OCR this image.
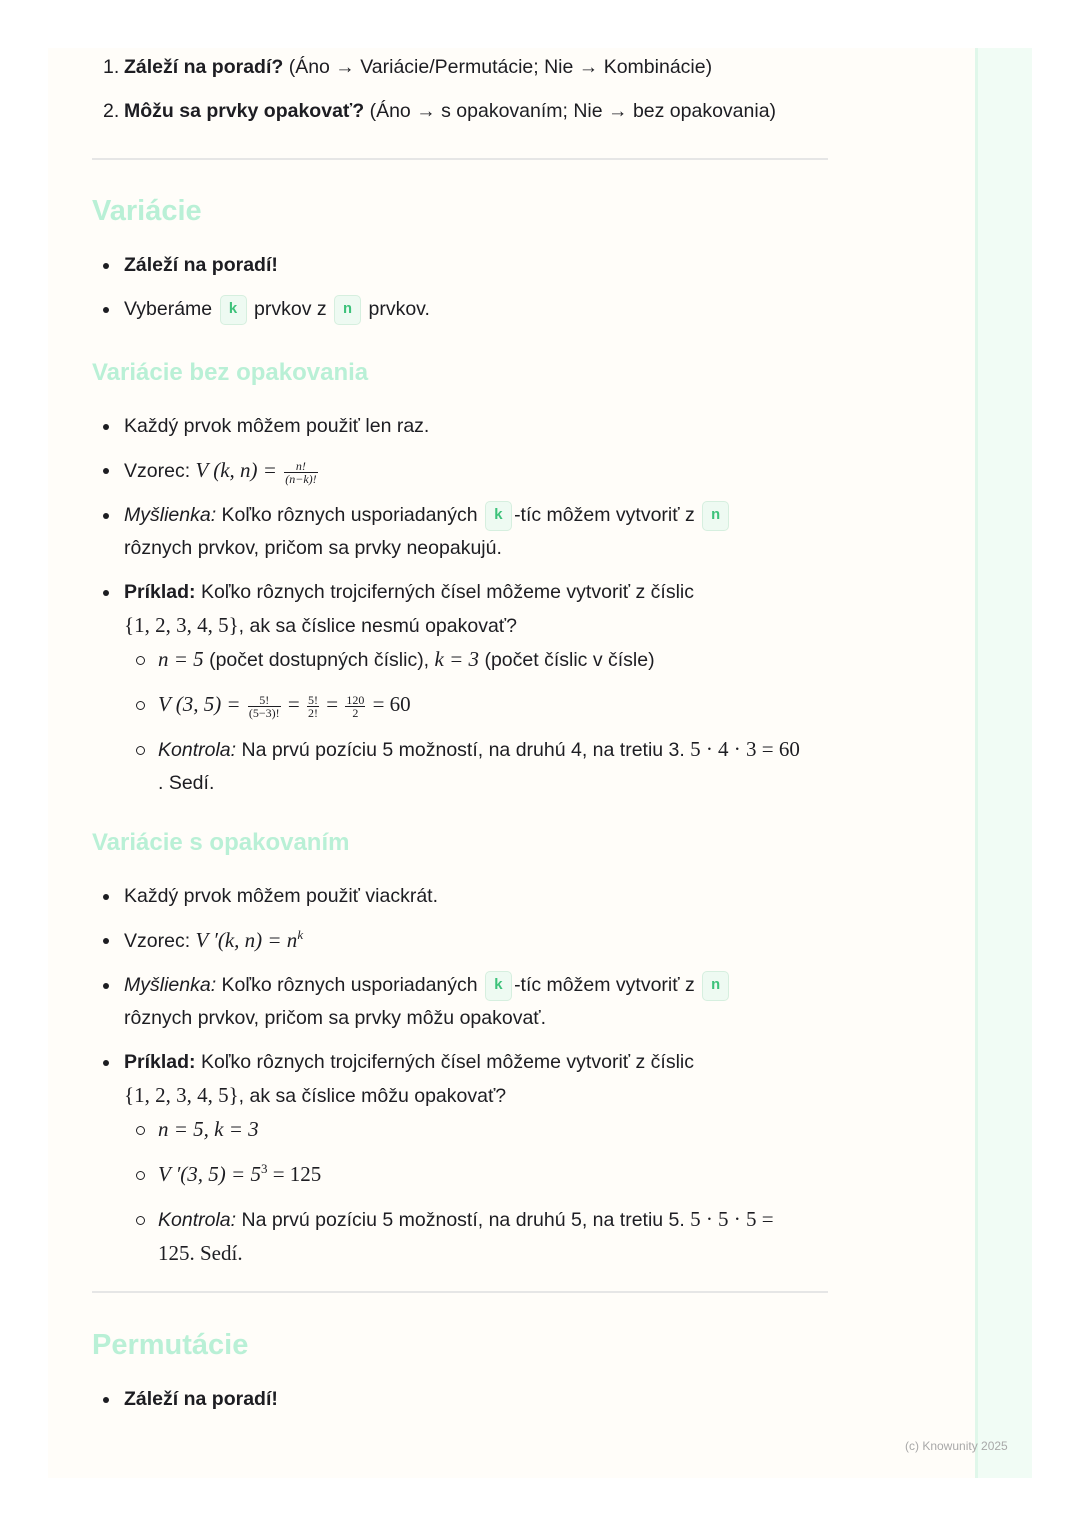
1. Záleží na poradí? (Áno → Variácie/Permutácie; Nie → Kombinácie)
2. Môžu sa prvky opakovať? (Áno → s opakovaním; Nie → bez opakovania)
Variácie
Záleží na poradí!
Vyberáme k prvkov z n prvkov.
Variácie bez opakovania
Každý prvok môžem použiť len raz.
Vzorec: V (k, $n) = \frac{n!}{(n-k)!}$
Myšlienka: Koľko rôznych usporiadaných k -tíc môžem vytvoriť z n
rôznych prvkov, pričom sa prvky neopakujú.
Príklad: Koľko rôznych trojciferných čísel môžeme vytvoriť z číslic
{1, 2, 3, 4, 5}, ak sa číslice nesmú opakovať?
n = 5 (počet dostupných číslic), k = 3 (počet číslic v čísle)
V (3, $5) = \frac{5!}{(5-3)!} = \frac{5!}{2!} = \frac{120}{2} = 60$
Kontrola: Na prvú pozíciu 5 možností, na druhú 4, na tretiu 3. 5 · 4 · 3 = 60
. Sedí.
Variácie s opakovaním
Každý prvok môžem použiť viackrát.
Vzorec: V ′(k, $n) = n^k$
Myšlienka: Koľko rôznych usporiadaných k -tíc môžem vytvoriť z n
rôznych prvkov, pričom sa prvky môžu opakovať.
Príklad: Koľko rôznych trojciferných čísel môžeme vytvoriť z číslic
{1, 2, 3, 4, 5}, ak sa číslice môžu opakovať?
n = 5, k = 3
V ′(3, $5) = 5^3 = 125$
Kontrola: Na prvú pozíciu 5 možností, na druhú 5, na tretiu 5. 5 · 5 · 5 =
125. Sedí.
Permutácie
Záleží na poradí!
(c) Knowunity 2025
